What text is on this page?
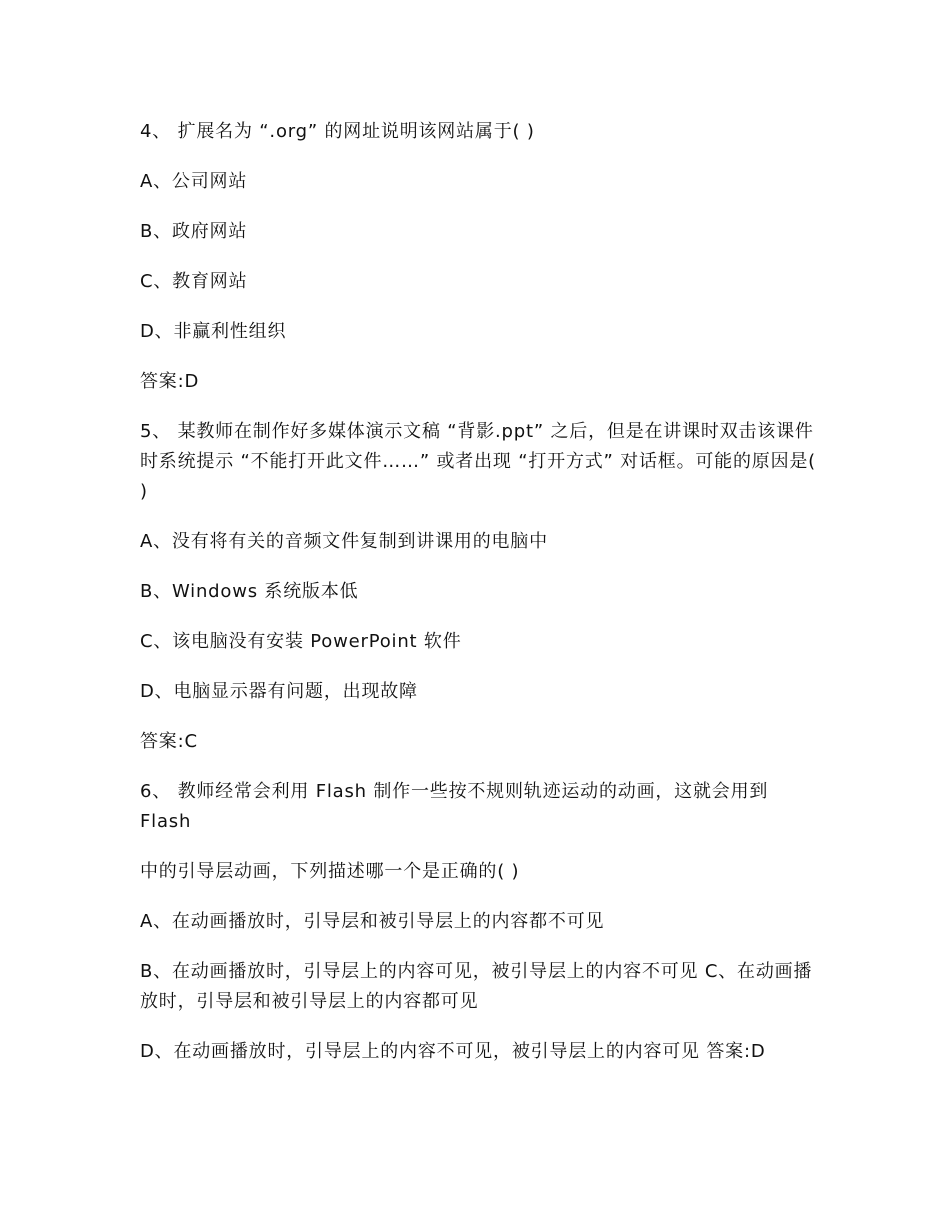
4、 扩展名为 “.org” 的网址说明该网站属于( )

A、公司网站

B、政府网站

C、教育网站

D、非赢利性组织

答案:D

5、 某教师在制作好多媒体演示文稿 “背影.ppt” 之后，但是在讲课时双击该课件时系统提示 “不能打开此文件……” 或者出现 “打开方式” 对话框。可能的原因是( )

A、没有将有关的音频文件复制到讲课用的电脑中

B、Windows 系统版本低

C、该电脑没有安装 PowerPoint 软件

D、电脑显示器有问题，出现故障

答案:C

6、 教师经常会利用 Flash 制作一些按不规则轨迹运动的动画，这就会用到 Flash

中的引导层动画，下列描述哪一个是正确的( )

A、在动画播放时，引导层和被引导层上的内容都不可见

B、在动画播放时，引导层上的内容可见，被引导层上的内容不可见 C、在动画播放时，引导层和被引导层上的内容都可见

D、在动画播放时，引导层上的内容不可见，被引导层上的内容可见 答案:D
